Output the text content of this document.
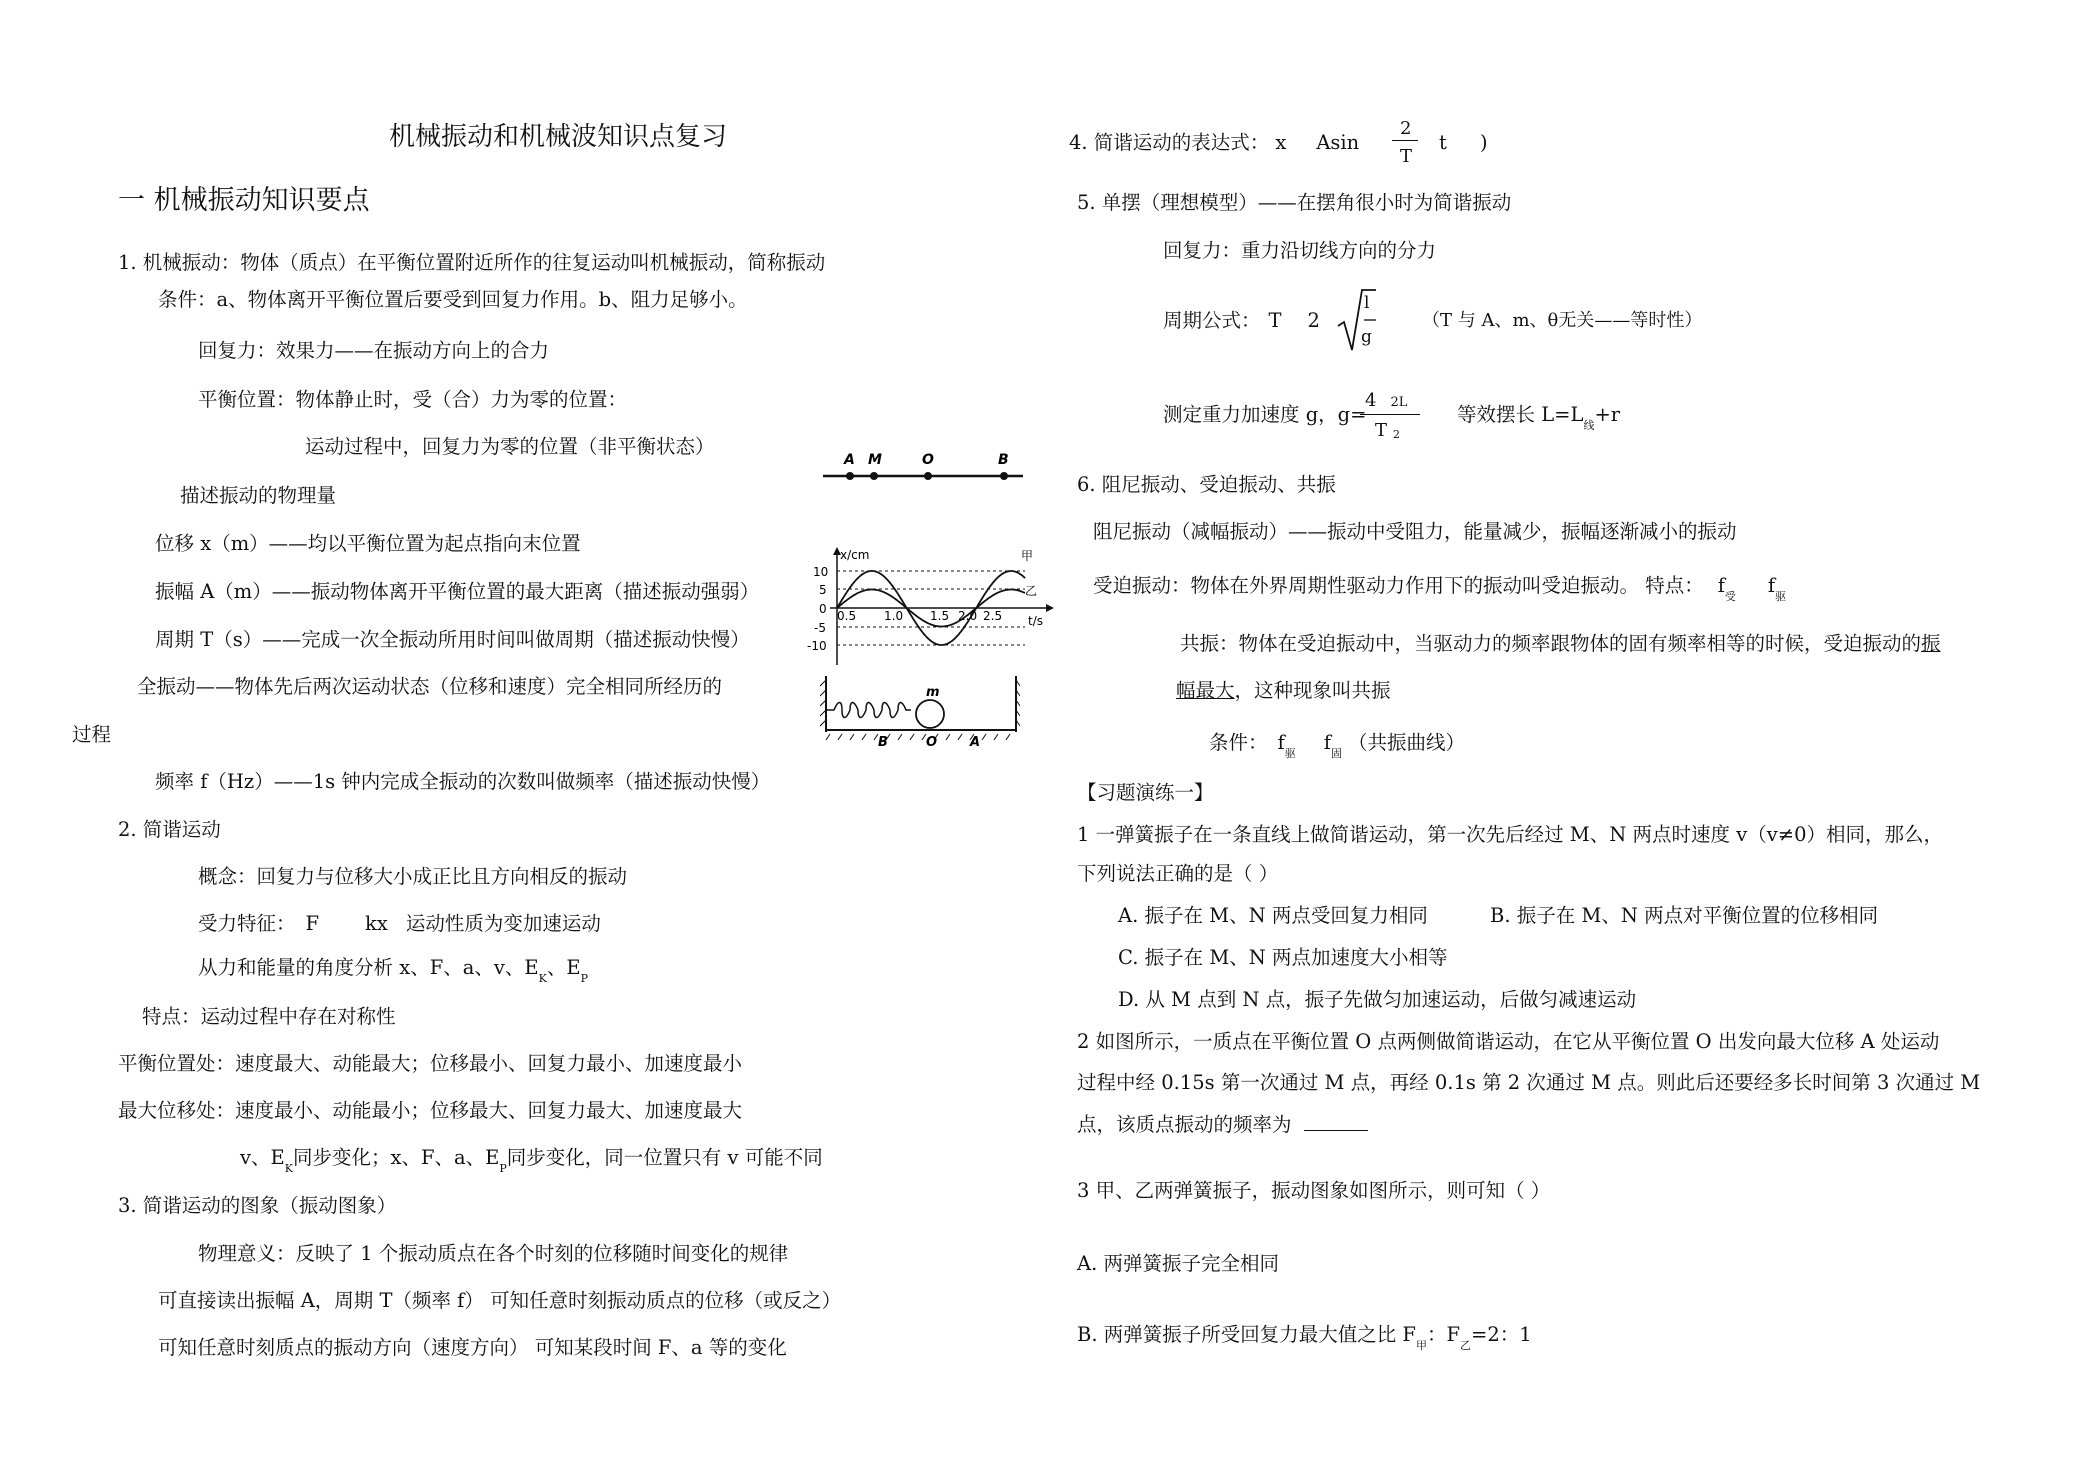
机械振动和机械波知识点复习
一 机械振动知识要点
1. 机械振动：物体（质点）在平衡位置附近所作的往复运动叫机械振动，简称振动
条件：a、物体离开平衡位置后要受到回复力作用。b、阻力足够小。
回复力：效果力——在振动方向上的合力
平衡位置：物体静止时，受（合）力为零的位置：
运动过程中，回复力为零的位置（非平衡状态）
描述振动的物理量
位移 x（m）——均以平衡位置为起点指向末位置
振幅 A（m）——振动物体离开平衡位置的最大距离（描述振动强弱）
周期 T（s）——完成一次全振动所用时间叫做周期（描述振动快慢）
全振动——物体先后两次运动状态（位移和速度）完全相同所经历的
过程
频率 f（Hz）——1s 钟内完成全振动的次数叫做频率（描述振动快慢）
2. 简谐运动
概念：回复力与位移大小成正比且方向相反的振动
受力特征： F kx 运动性质为变加速运动
从力和能量的角度分析 x、F、a、v、$E_K$、$E_P$
特点：运动过程中存在对称性
平衡位置处：速度最大、动能最大；位移最小、回复力最小、加速度最小
最大位移处：速度最小、动能最小；位移最大、回复力最大、加速度最大
v、$E_K$同步变化；x、F、a、$E_P$同步变化，同一位置只有 v 可能不同
3. 简谐运动的图象（振动图象）
物理意义：反映了 1 个振动质点在各个时刻的位移随时间变化的规律
可直接读出振幅 A，周期 T（频率 f） 可知任意时刻振动质点的位移（或反之）
可知任意时刻质点的振动方向（速度方向） 可知某段时间 F、a 等的变化
A M	O	B
x/cm
t/s
10
5
0
-5
-10
0.5 1.0 1.5 2.0 2.5
甲
乙
m
B	O	A
4. 简谐运动的表达式： x Asin
2
T
t )
5. 单摆（理想模型）——在摆角很小时为简谐振动
回复力：重力沿切线方向的分力
周期公式： T 2
l
g
（T 与 A、m、θ无关——等时性）
测定重力加速度 g，g=
4 2L
T 2
等效摆长 $L=L_线+r$
6. 阻尼振动、受迫振动、共振
阻尼振动（减幅振动）——振动中受阻力，能量减少，振幅逐渐减小的振动
受迫振动：物体在外界周期性驱动力作用下的振动叫受迫振动。 特点： $f_受$ $f_驱$
共振：物体在受迫振动中，当驱动力的频率跟物体的固有频率相等的时候，受迫振动的振
幅最大，这种现象叫共振
条件： $f_驱$ $f_固$ （共振曲线）
【习题演练一】
1 一弹簧振子在一条直线上做简谐运动，第一次先后经过 M、N 两点时速度 v（v≠0）相同，那么，
下列说法正确的是（ ）
A. 振子在 M、N 两点受回复力相同	B. 振子在 M、N 两点对平衡位置的位移相同
C. 振子在 M、N 两点加速度大小相等
D. 从 M 点到 N 点，振子先做匀加速运动，后做匀减速运动
2 如图所示，一质点在平衡位置 O 点两侧做简谐运动，在它从平衡位置 O 出发向最大位移 A 处运动
过程中经 0.15s 第一次通过 M 点，再经 0.1s 第 2 次通过 M 点。则此后还要经多长时间第 3 次通过 M
点，该质点振动的频率为
3 甲、乙两弹簧振子，振动图象如图所示，则可知（ ）
A. 两弹簧振子完全相同
B. 两弹簧振子所受回复力最大值之比 $F_甲$：$F_乙=2$：1
